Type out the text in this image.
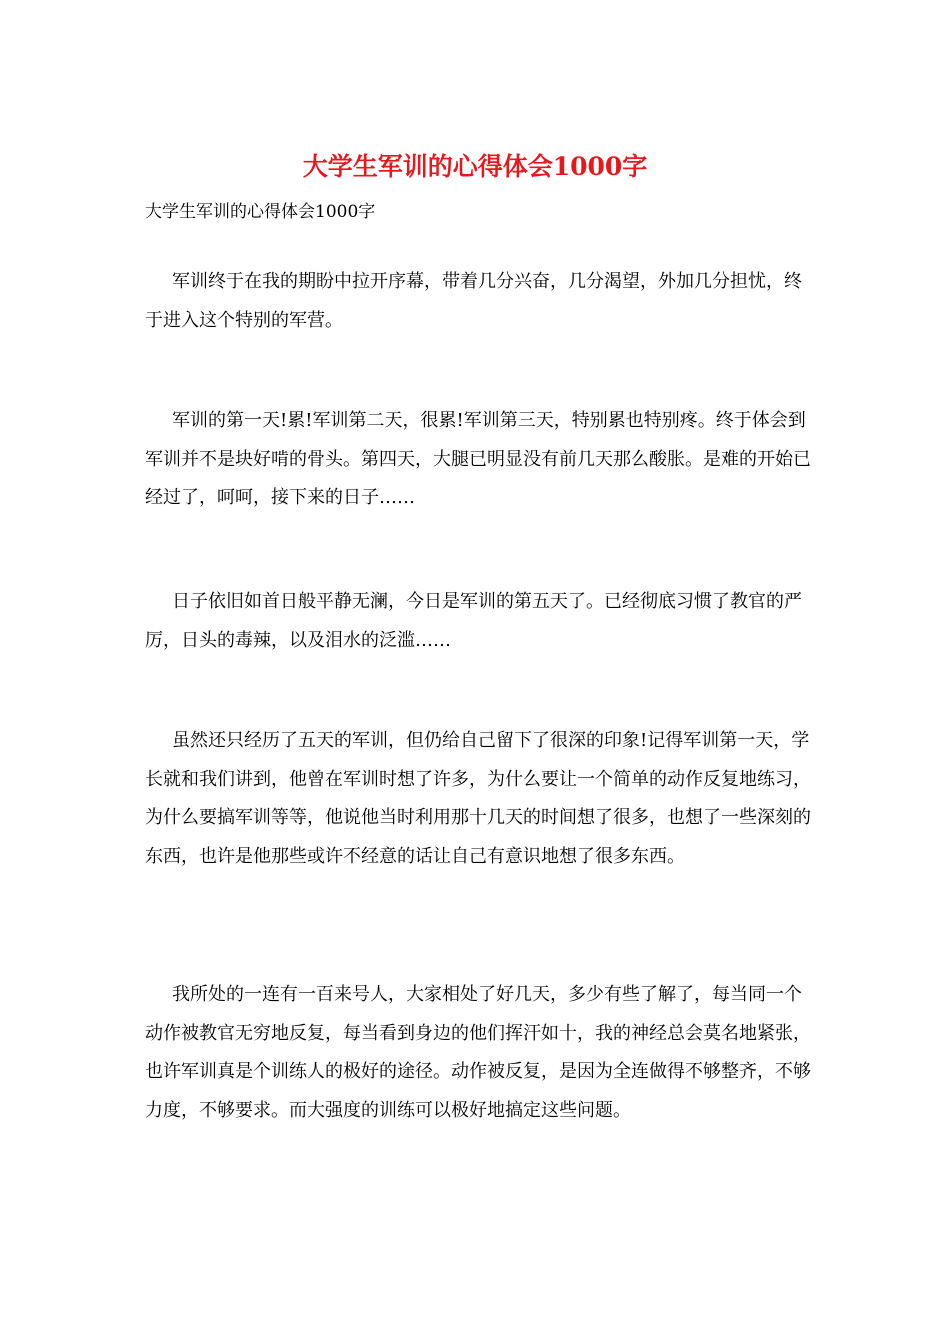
大学生军训的心得体会1000字
大学生军训的心得体会1000字

军训终于在我的期盼中拉开序幕，带着几分兴奋，几分渴望，外加几分担忧，终于进入这个特别的军营。

军训的第一天!累!军训第二天，很累!军训第三天，特别累也特别疼。终于体会到军训并不是块好啃的骨头。第四天，大腿已明显没有前几天那么酸胀。是难的开始已经过了，呵呵，接下来的日子……

日子依旧如首日般平静无澜，今日是军训的第五天了。已经彻底习惯了教官的严厉，日头的毒辣，以及泪水的泛滥……

虽然还只经历了五天的军训，但仍给自己留下了很深的印象!记得军训第一天，学长就和我们讲到，他曾在军训时想了许多，为什么要让一个简单的动作反复地练习，为什么要搞军训等等，他说他当时利用那十几天的时间想了很多，也想了一些深刻的东西，也许是他那些或许不经意的话让自己有意识地想了很多东西。

我所处的一连有一百来号人，大家相处了好几天，多少有些了解了，每当同一个动作被教官无穷地反复，每当看到身边的他们挥汗如十，我的神经总会莫名地紧张，也许军训真是个训练人的极好的途径。动作被反复，是因为全连做得不够整齐，不够力度，不够要求。而大强度的训练可以极好地搞定这些问题。
